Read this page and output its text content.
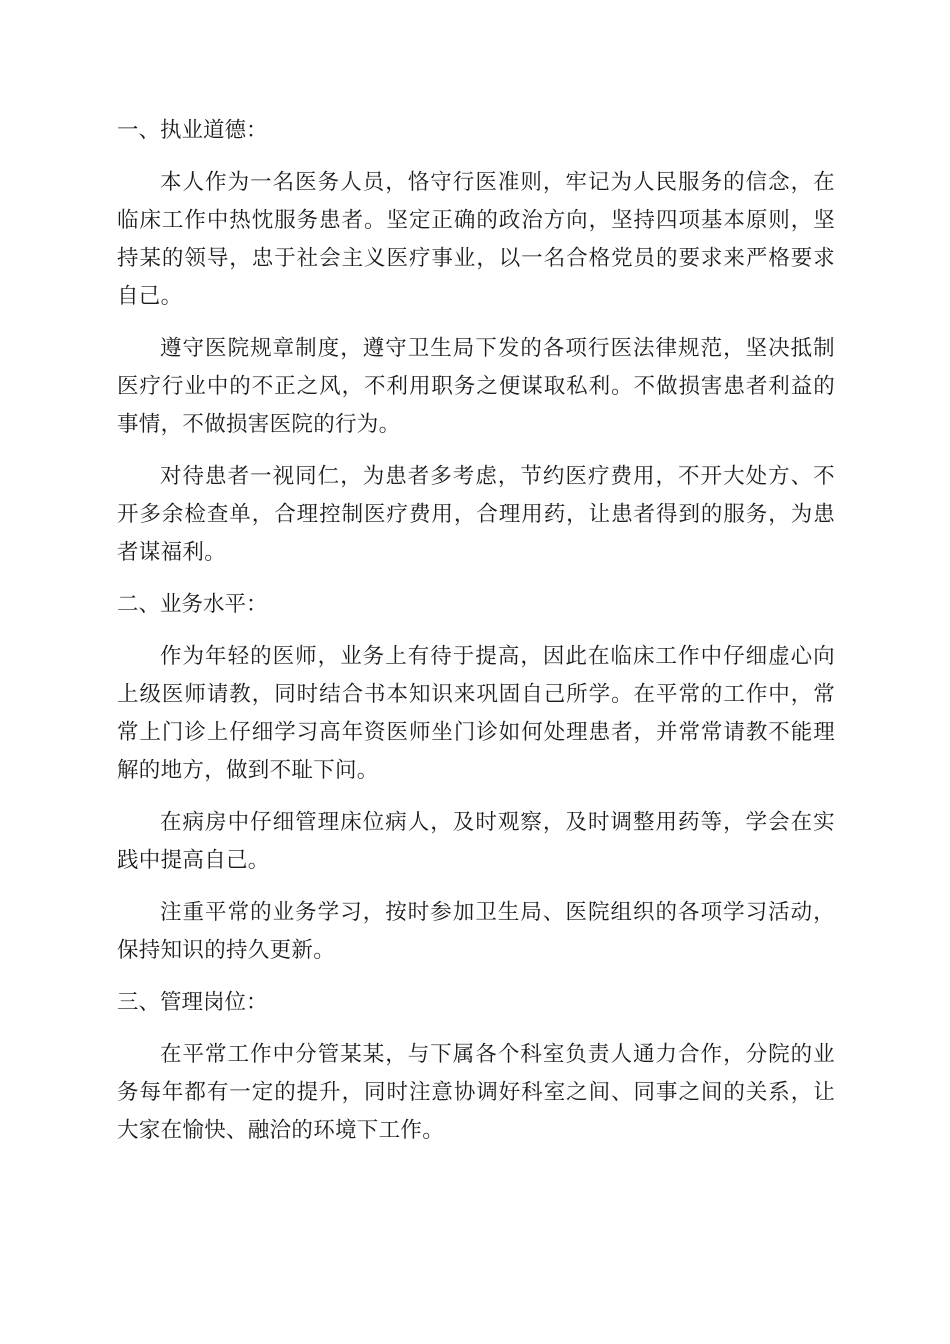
一、执业道德：

本人作为一名医务人员，恪守行医准则，牢记为人民服务的信念，在临床工作中热忱服务患者。坚定正确的政治方向，坚持四项基本原则，坚持某的领导，忠于社会主义医疗事业，以一名合格党员的要求来严格要求自己。

遵守医院规章制度，遵守卫生局下发的各项行医法律规范，坚决抵制医疗行业中的不正之风，不利用职务之便谋取私利。不做损害患者利益的事情，不做损害医院的行为。

对待患者一视同仁，为患者多考虑，节约医疗费用，不开大处方、不开多余检查单，合理控制医疗费用，合理用药，让患者得到的服务，为患者谋福利。

二、业务水平：

作为年轻的医师，业务上有待于提高，因此在临床工作中仔细虚心向上级医师请教，同时结合书本知识来巩固自己所学。在平常的工作中，常常上门诊上仔细学习高年资医师坐门诊如何处理患者，并常常请教不能理解的地方，做到不耻下问。

在病房中仔细管理床位病人，及时观察，及时调整用药等，学会在实践中提高自己。

注重平常的业务学习，按时参加卫生局、医院组织的各项学习活动，保持知识的持久更新。

三、管理岗位：

在平常工作中分管某某，与下属各个科室负责人通力合作，分院的业务每年都有一定的提升，同时注意协调好科室之间、同事之间的关系，让大家在愉快、融洽的环境下工作。
